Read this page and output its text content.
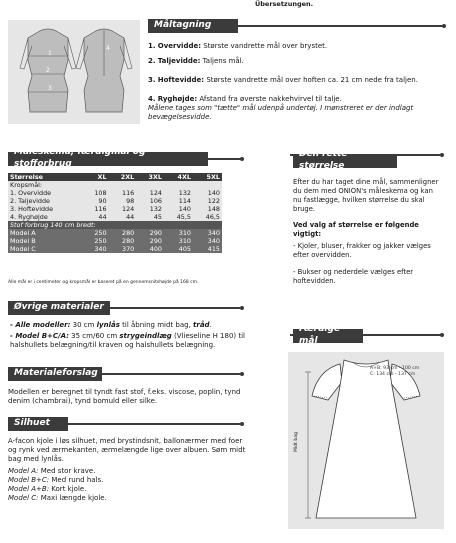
Übersetzungen.
1
2
3
4
Måltagning

1. Overvidde: Største vandrette mål over brystet.

2. Taljevidde: Taljens mål.

3. Hoftevidde: Største vandrette mål over hoften ca. 21 cm nede fra taljen.

4. Ryghøjde: Afstand fra øverste nakkehvirvel til talje.

Målene tages som "tætte" mål udenpå undertøj. I mønstreret er der indlagt bevægelsesvidde.

Måleskema, færdigmål og stofforbrug
Størrelse	XL	2XL	3XL	4XL	5XL
Kropsmål:					
1. Overvidde	108	116	124	132	140
2. Taljevidde	90	98	106	114	122
3. Hoftevidde	116	124	132	140	148
4. Ryghøjde	44	44	45	45,5	46,5
Stof forbrug 140 cm bredt:					
Model A	250	280	290	310	340
Model B	250	280	290	310	340
Model C	340	370	400	405	415
Alle mål er i centimeter og kropsmål er baseret på en gennemsnitshøjde på 168 cm.
Den rette størrelse

Efter du har taget dine mål, sammenligner du dem med ONION's måleskema og kan nu fastlægge, hvilken størrelse du skal bruge.

Ved valg af størrelse er følgende vigtigt:

- Kjoler, bluser, frakker og jakker vælges efter overvidden.

- Bukser og nederdele vælges efter hoftevidden.

Øvrige materialer

- Alle modeller: 30 cm lynlås til åbning midt bag, tråd.

- Model B+C/A: 35 cm/60 cm strygeindlæg (Vlieseline H 180) til halshullets belægning/til kraven og halshullets belægning.

Materialeforslag
Modellen er beregnet til tyndt fast stof, f.eks. viscose, poplin, tynd denim (chambrai), tynd bomuld eller silke.
Silhuet

A-facon kjole i løs silhuet, med brystindsnit, ballonærmer med foer og rynk ved ærmekanten, ærmelængde lige over albuen. Søm midt bag med lynlås.

Model A: Med stor krave.

Model B+C: Med rund hals.

Model A+B: Kort kjole.

Model C: Maxi længde kjole.

Færdige mål
A+B: 93 cm - 100 cm
C: 134 cm - 137 cm
Midt bag
